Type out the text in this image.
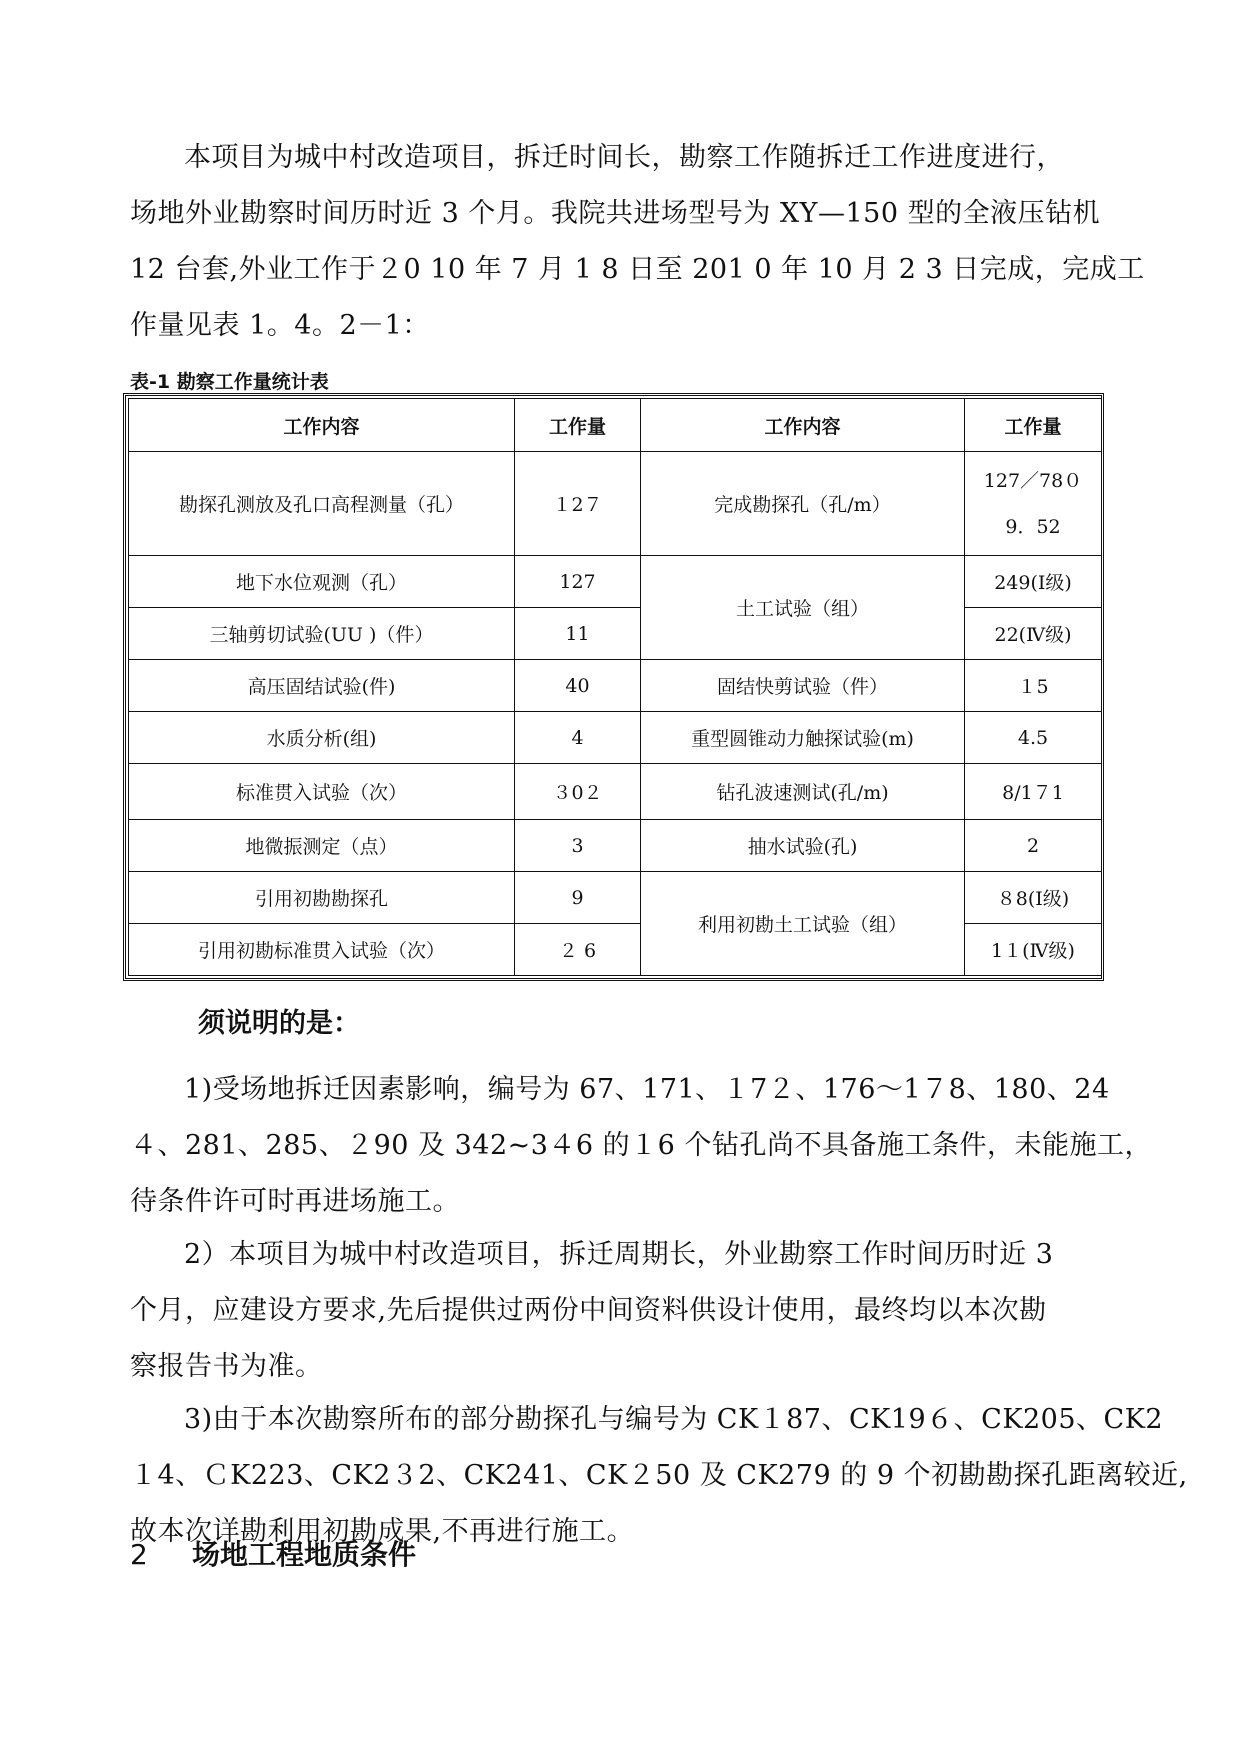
本项目为城中村改造项目，拆迁时间长，勘察工作随拆迁工作进度进行，
场地外业勘察时间历时近 3 个月。我院共进场型号为 XY—150 型的全液压钻机
12 台套,外业工作于２0 10 年 7 月 1 8 日至 201 0 年 10 月 2 3 日完成，完成工
作量见表 1。4。2－1：

表-1 勘察工作量统计表

工作内容	工作量	工作内容	工作量
勘探孔测放及孔口高程测量（孔）	１2７	完成勘探孔（孔/m）	127／78０
9．52

地下水位观测（孔）	127	土工试验（组）	249(Ⅰ级)
三轴剪切试验(UU )（件）	11		22(Ⅳ级)
高压固结试验(件)	40	固结快剪试验（件）	１5
水质分析(组)	4	重型圆锥动力触探试验(m)	4.5
标准贯入试验（次）	３0２	钻孔波速测试(孔/m)	8/1７1
地微振测定（点）	3	抽水试验(孔)	2
引用初勘勘探孔	9	利用初勘土工试验（组）	８8(Ⅰ级)
引用初勘标准贯入试验（次）	２ 6		1１(Ⅳ级)

须说明的是：

1)受场地拆迁因素影响，编号为 67、171、１7２、176～1７8、180、24
４、281、285、２90 及 342~3４6 的１6 个钻孔尚不具备施工条件，未能施工，
待条件许可时再进场施工。

2）本项目为城中村改造项目，拆迁周期长，外业勘察工作时间历时近 3
个月，应建设方要求,先后提供过两份中间资料供设计使用，最终均以本次勘
察报告书为准。

3)由于本次勘察所布的部分勘探孔与编号为 CK１87、CK19６、CK205、CK2
１4、ＣK223、CK2３2、CK241、CK２50 及 CK279 的 9 个初勘勘探孔距离较近,
故本次详勘利用初勘成果,不再进行施工。

2 场地工程地质条件
